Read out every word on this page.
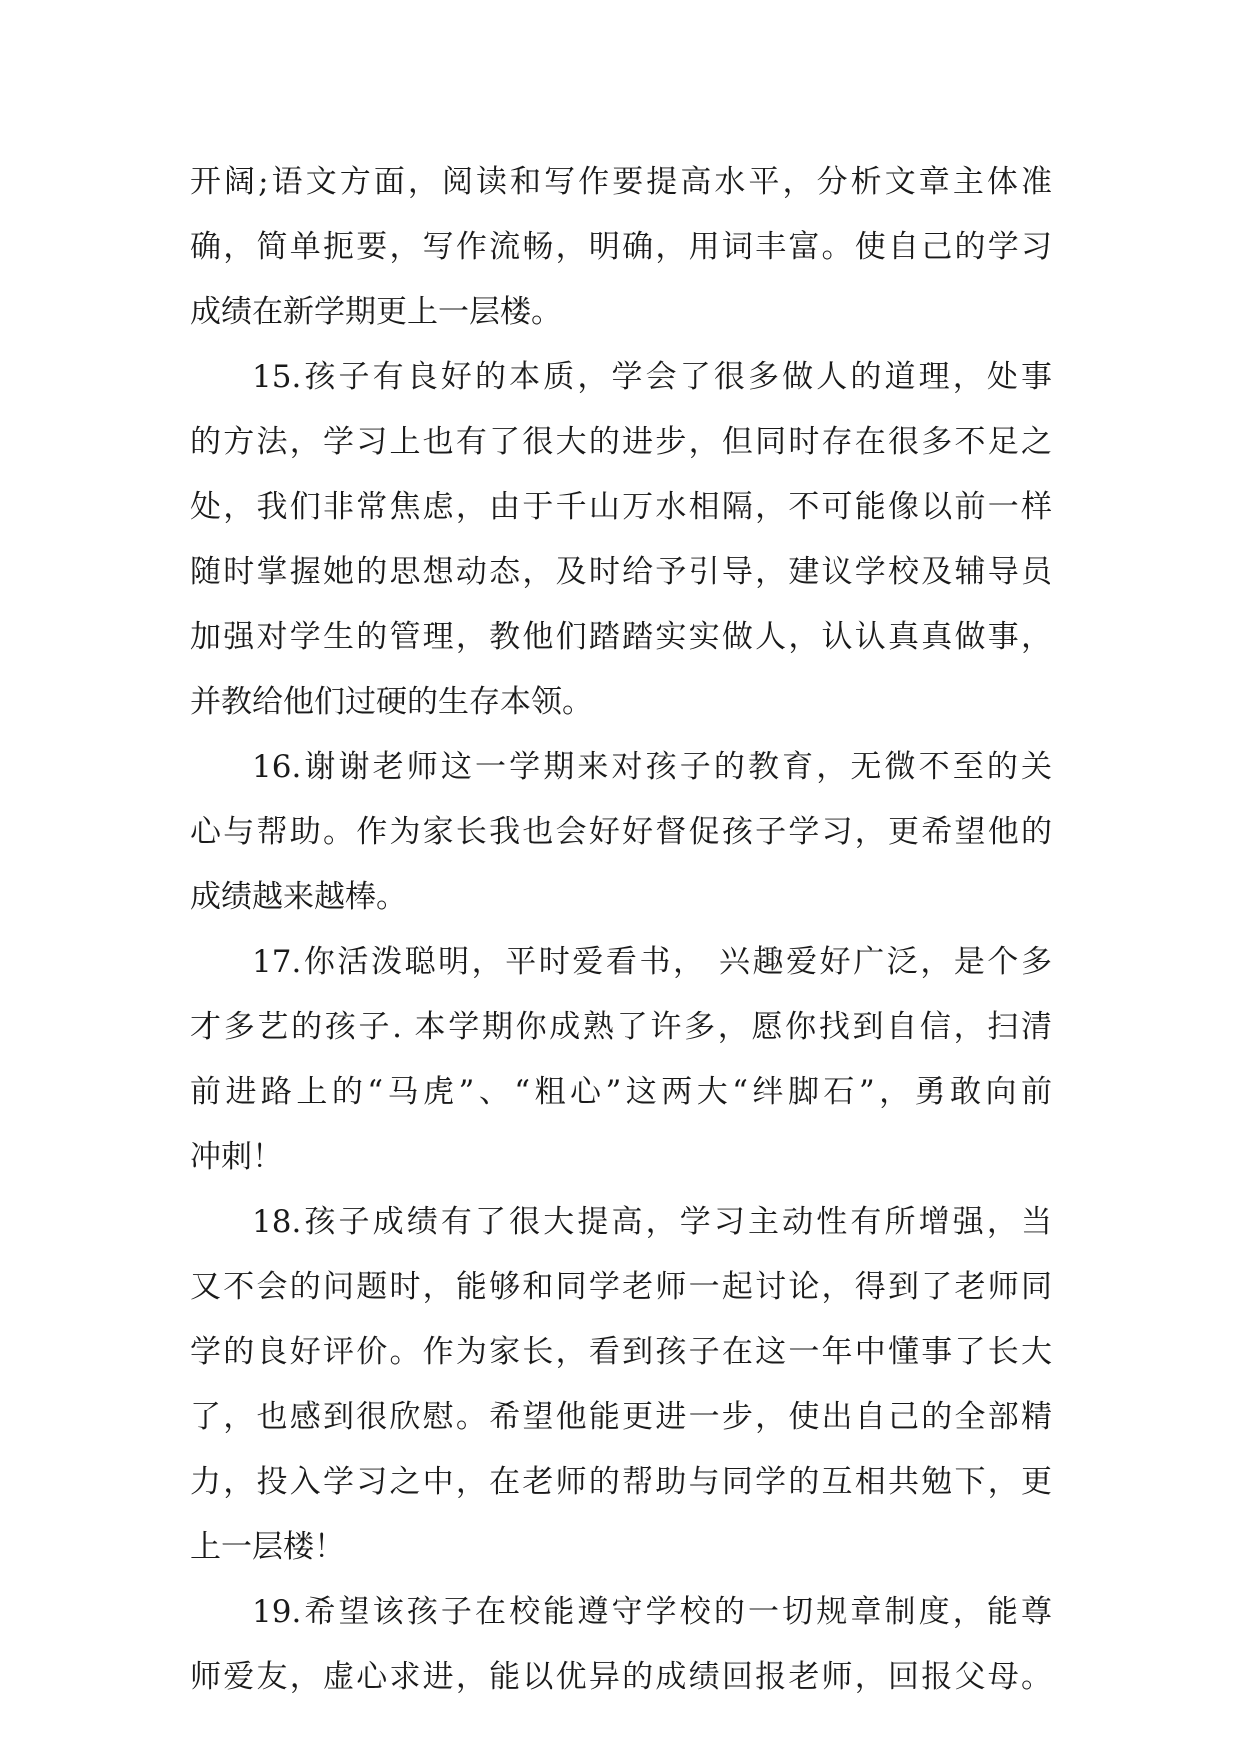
开阔;语文方面，阅读和写作要提高水平，分析文章主体准
确，简单扼要，写作流畅，明确，用词丰富。使自己的学习
成绩在新学期更上一层楼。
15.孩子有良好的本质，学会了很多做人的道理，处事
的方法，学习上也有了很大的进步，但同时存在很多不足之
处，我们非常焦虑，由于千山万水相隔，不可能像以前一样
随时掌握她的思想动态，及时给予引导，建议学校及辅导员
加强对学生的管理，教他们踏踏实实做人，认认真真做事，
并教给他们过硬的生存本领。
16.谢谢老师这一学期来对孩子的教育，无微不至的关
心与帮助。作为家长我也会好好督促孩子学习，更希望他的
成绩越来越棒。
17.你活泼聪明，平时爱看书， 兴趣爱好广泛，是个多
才多艺的孩子. 本学期你成熟了许多，愿你找到自信，扫清
前进路上的“马虎”、“粗心”这两大“绊脚石”，勇敢向前
冲刺！
18.孩子成绩有了很大提高，学习主动性有所增强，当
又不会的问题时，能够和同学老师一起讨论，得到了老师同
学的良好评价。作为家长，看到孩子在这一年中懂事了长大
了，也感到很欣慰。希望他能更进一步，使出自己的全部精
力，投入学习之中，在老师的帮助与同学的互相共勉下，更
上一层楼！
19.希望该孩子在校能遵守学校的一切规章制度，能尊
师爱友，虚心求进，能以优异的成绩回报老师，回报父母。
